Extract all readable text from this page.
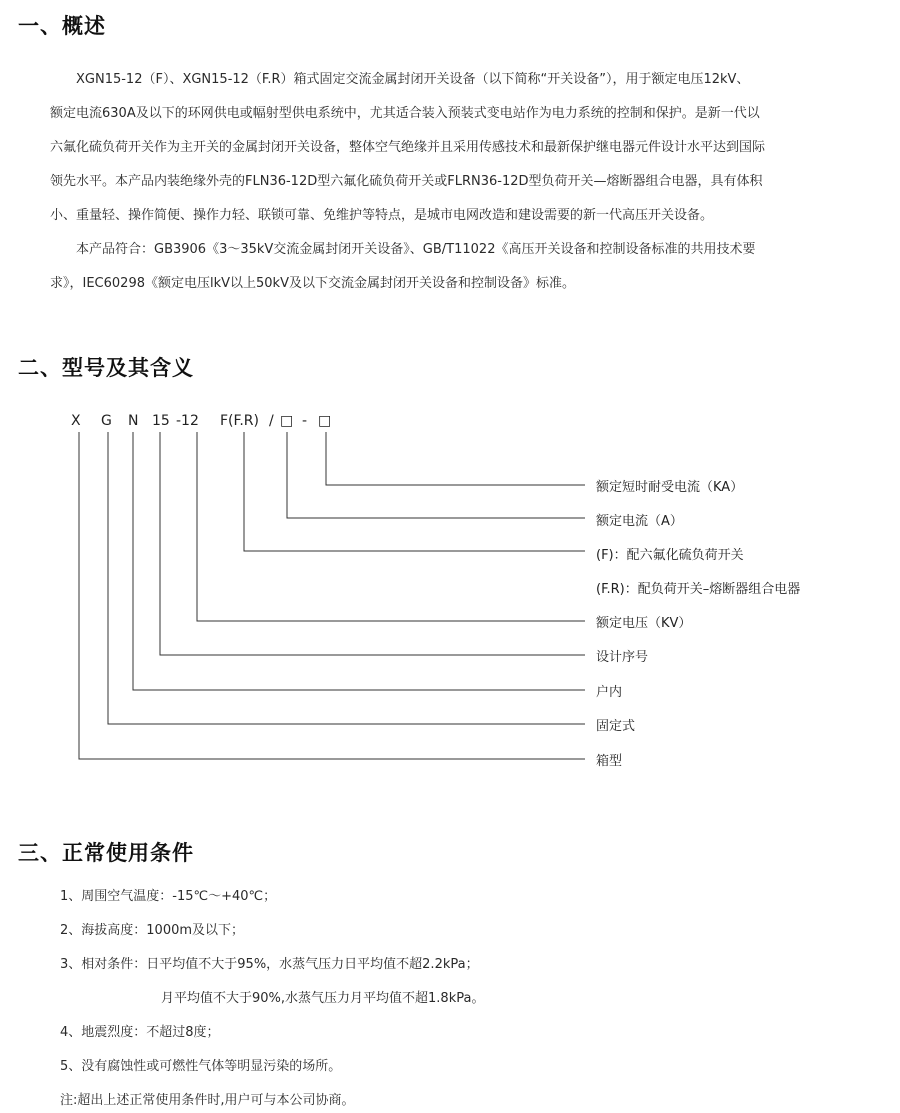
一、概述

XGN15-12（F）、XGN15-12（F.R）箱式固定交流金属封闭开关设备（以下简称“开关设备”），用于额定电压12kV、
额定电流630A及以下的环网供电或幅射型供电系统中，尤其适合装入预装式变电站作为电力系统的控制和保护。是新一代以
六氟化硫负荷开关作为主开关的金属封闭开关设备，整体空气绝缘并且采用传感技术和最新保护继电器元件设计水平达到国际
领先水平。本产品内装绝缘外壳的FLN36-12D型六氟化硫负荷开关或FLRN36-12D型负荷开关—熔断器组合电器，具有体积
小、重量轻、操作简便、操作力轻、联锁可靠、免维护等特点，是城市电网改造和建设需要的新一代高压开关设备。

本产品符合：GB3906《3～35kV交流金属封闭开关设备》、GB/T11022《高压开关设备和控制设备标准的共用技术要
求》，IEC60298《额定电压lkV以上50kV及以下交流金属封闭开关设备和控制设备》标准。

二、型号及其含义
X G N 15 -12 F(F.R) / □ - □
额定短时耐受电流（KA）
额定电流（A）
(F)：配六氟化硫负荷开关
(F.R)：配负荷开关–熔断器组合电器
额定电压（KV）
设计序号
户内
固定式
箱型
三、正常使用条件
1、周围空气温度：-15℃～+40℃；
2、海拔高度：1000m及以下；
3、相对条件：日平均值不大于95%，水蒸气压力日平均值不超2.2kPa；
月平均值不大于90%,水蒸气压力月平均值不超1.8kPa。
4、地震烈度：不超过8度；
5、没有腐蚀性或可燃性气体等明显污染的场所。
注:超出上述正常使用条件时,用户可与本公司协商。
